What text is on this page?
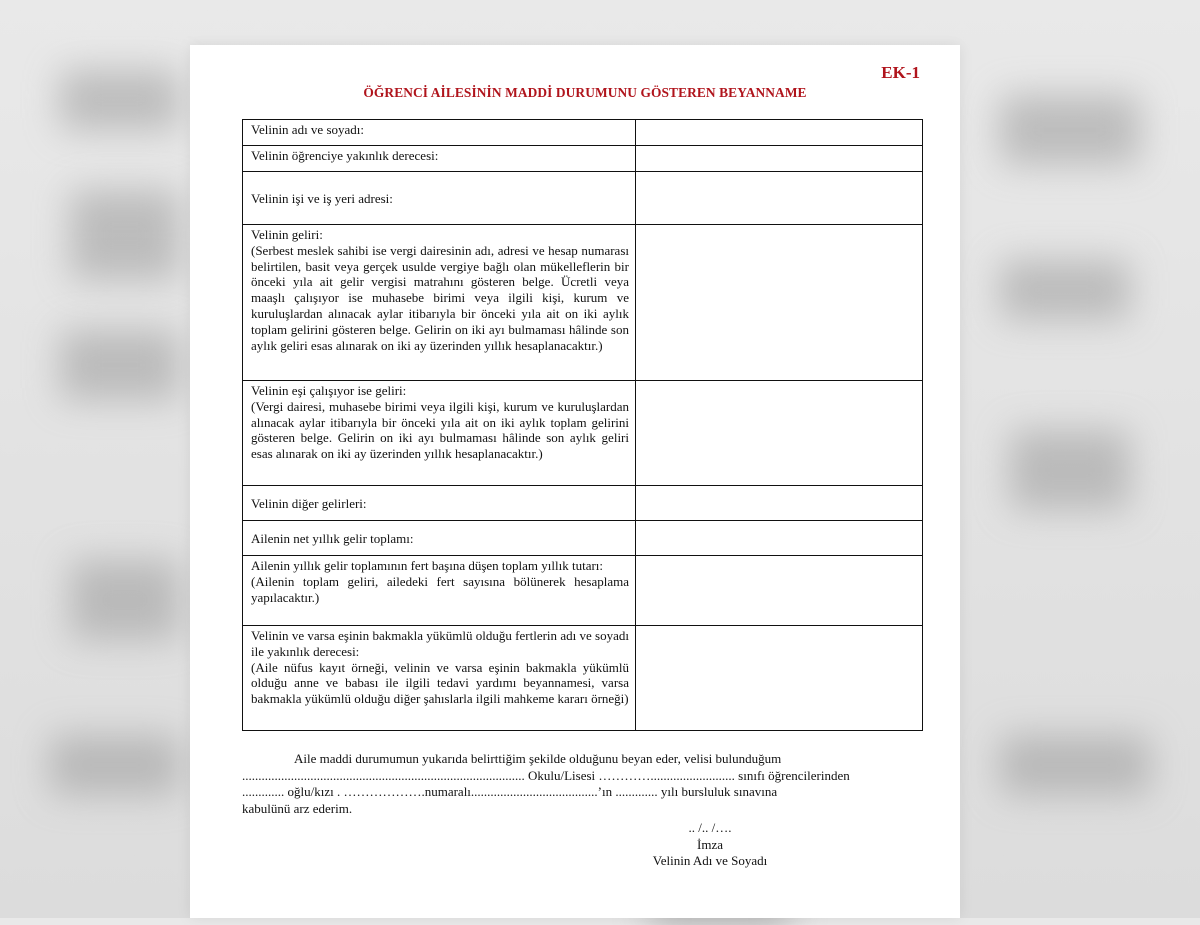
EK-1
ÖĞRENCİ AİLESİNİN MADDİ DURUMUNU GÖSTEREN BEYANNAME
Velinin adı ve soyadı:	

Velinin öğrenciye yakınlık derecesi:	

Velinin işi ve iş yeri adresi:	
Velinin geliri:
(Serbest meslek sahibi ise vergi dairesinin adı, adresi ve hesap numarası belirtilen, basit veya gerçek usulde vergiye bağlı olan mükelleflerin bir önceki yıla ait gelir vergisi matrahını gösteren belge. Ücretli veya maaşlı çalışıyor ise muhasebe birimi veya ilgili kişi, kurum ve kuruluşlardan alınacak aylar itibarıyla bir önceki yıla ait on iki aylık toplam gelirini gösteren belge. Gelirin on iki ayı bulmaması hâlinde son aylık geliri esas alınarak on iki ay üzerinden yıllık hesaplanacaktır.)	
Velinin eşi çalışıyor ise geliri:
(Vergi dairesi, muhasebe birimi veya ilgili kişi, kurum ve kuruluşlardan alınacak aylar itibarıyla bir önceki yıla ait on iki aylık toplam gelirini gösteren belge. Gelirin on iki ayı bulmaması hâlinde son aylık geliri esas alınarak on iki ay üzerinden yıllık hesaplanacaktır.)	
Velinin diğer gelirleri:	
Ailenin net yıllık gelir toplamı:	
Ailenin yıllık gelir toplamının fert başına düşen toplam yıllık tutarı:
(Ailenin toplam geliri, ailedeki fert sayısına bölünerek hesaplama yapılacaktır.)	
Velinin ve varsa eşinin bakmakla yükümlü olduğu fertlerin adı ve soyadı ile yakınlık derecesi:
(Aile nüfus kayıt örneği, velinin ve varsa eşinin bakmakla yükümlü olduğu anne ve babası ile ilgili tedavi yardımı beyannamesi, varsa bakmakla yükümlü olduğu diğer şahıslarla ilgili mahkeme kararı örneği)	

Aile maddi durumumun yukarıda belirttiğim şekilde olduğunu beyan eder, velisi bulunduğum

....................................................................................... Okulu/Lisesi ………….......................... sınıfı öğrencilerinden

............. oğlu/kızı . ……………….numaralı.......................................’ın ............. yılı bursluluk sınavına

kabulünü arz ederim.

.. /.. /….
İmza
Velinin Adı ve Soyadı
